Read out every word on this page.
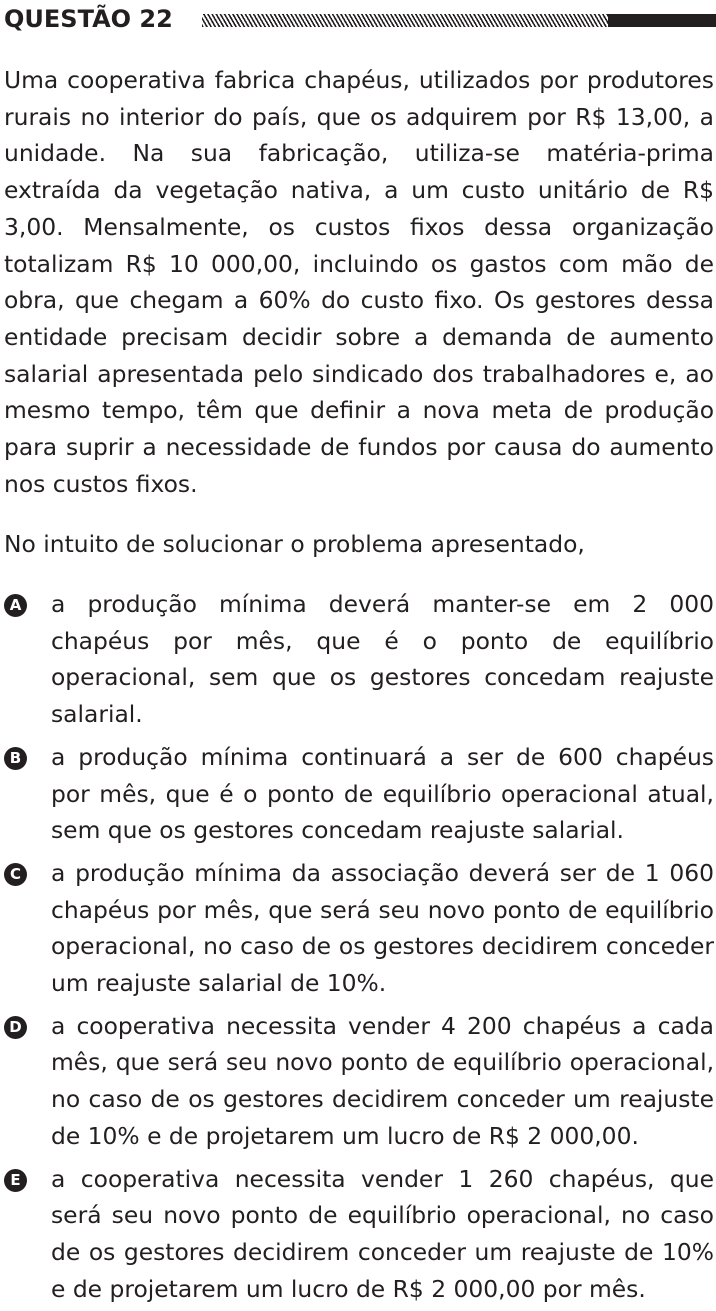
QUESTÃO 22

Uma cooperativa fabrica chapéus, utilizados por produtores rurais no interior do país, que os adquirem por R$ 13,00, a unidade. Na sua fabricação, utiliza-se matéria-prima extraída da vegetação nativa, a um custo unitário de R$ 3,00. Mensalmente, os custos fixos dessa organização totalizam R$ 10 000,00, incluindo os gastos com mão de obra, que chegam a 60% do custo fixo. Os gestores dessa entidade precisam decidir sobre a demanda de aumento salarial apresentada pelo sindicado dos trabalhadores e, ao mesmo tempo, têm que definir a nova meta de produção para suprir a necessidade de fundos por causa do aumento nos custos fixos.

No intuito de solucionar o problema apresentado,

A a produção mínima deverá manter-se em 2 000 chapéus por mês, que é o ponto de equilíbrio operacional, sem que os gestores concedam reajuste salarial.
B a produção mínima continuará a ser de 600 chapéus por mês, que é o ponto de equilíbrio operacional atual, sem que os gestores concedam reajuste salarial.
C a produção mínima da associação deverá ser de 1 060 chapéus por mês, que será seu novo ponto de equilíbrio operacional, no caso de os gestores decidirem conceder um reajuste salarial de 10%.
D a cooperativa necessita vender 4 200 chapéus a cada mês, que será seu novo ponto de equilíbrio operacional, no caso de os gestores decidirem conceder um reajuste de 10% e de projetarem um lucro de R$ 2 000,00.
E a cooperativa necessita vender 1 260 chapéus, que será seu novo ponto de equilíbrio operacional, no caso de os gestores decidirem conceder um reajuste de 10% e de projetarem um lucro de R$ 2 000,00 por mês.
